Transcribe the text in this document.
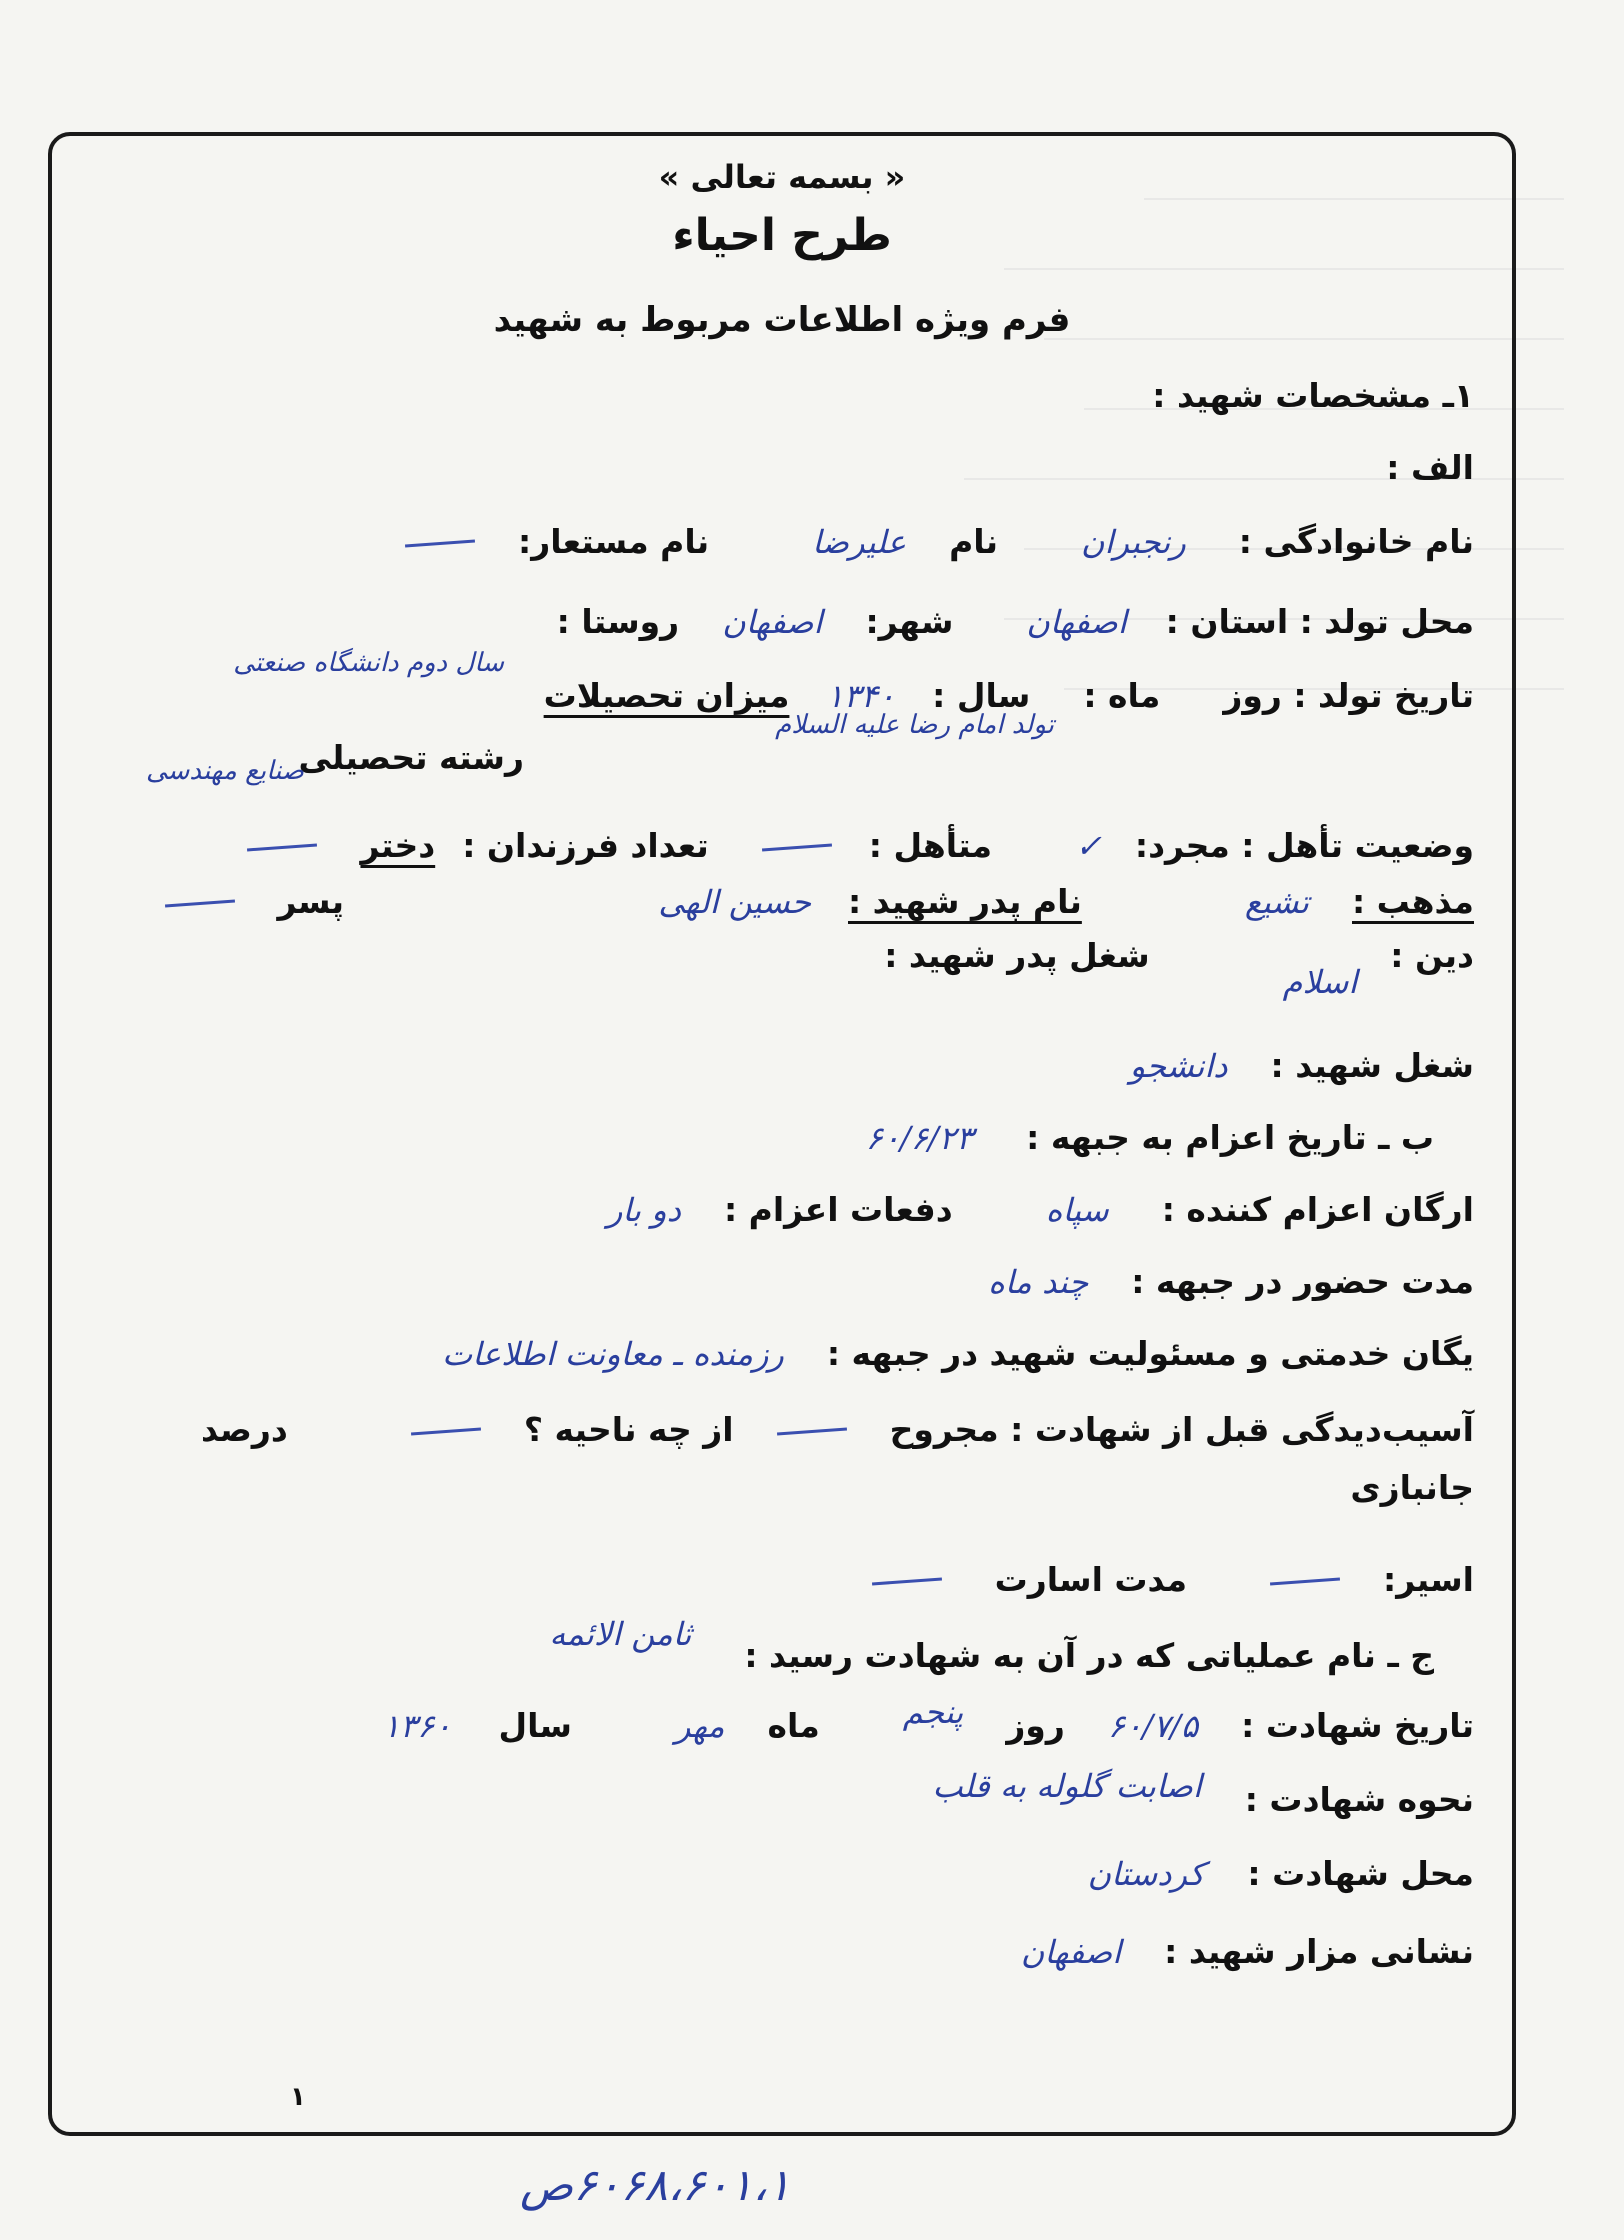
« بسمه تعالی »
طرح احیاء
فرم ویژه اطلاعات مربوط به شهید
۱ـ مشخصات شهید :
الف :
نام خانوادگی :  رنجبران  نام  علیرضا  نام مستعار:
محل تولد : استان :  اصفهان  شهر:  اصفهان  روستا :
تاریخ تولد : روز  ماه :  سال :  ۱۳۴۰  میزان تحصیلات
تولد امام رضا علیه السلام
سال دوم دانشگاه صنعتی
رشته تحصیلی
صنایع مهندسی
وضعیت تأهل : مجرد:  ✓  متأهل :    تعداد فرزندان :  دختر
مذهب :  تشیع  نام پدر شهید :  حسین الهی
پسر
دین :  اسلام  شغل پدر شهید :
شغل شهید :  دانشجو
ب ـ تاریخ اعزام به جبهه :  ۶۰/۶/۲۳
ارگان اعزام کننده :  سپاه  دفعات اعزام :  دو بار
مدت حضور در جبهه :  چند ماه
یگان خدمتی و مسئولیت شهید در جبهه :  رزمنده ـ معاونت اطلاعات
آسیب‌دیدگی قبل از شهادت : مجروح    از چه ناحیه ؟    درصد
جانبازی
اسیر:    مدت اسارت
ج ـ نام عملیاتی که در آن به شهادت رسید :  ثامن الائمه
تاریخ شهادت :  ۶۰/۷/۵  روز  پنجم  ماه  مهر  سال  ۱۳۶۰
نحوه شهادت :  اصابت گلوله به قلب
محل شهادت :  کردستان
نشانی مزار شهید :  اصفهان
۱
۶۰۶۸،۶۰۱،۱ص
